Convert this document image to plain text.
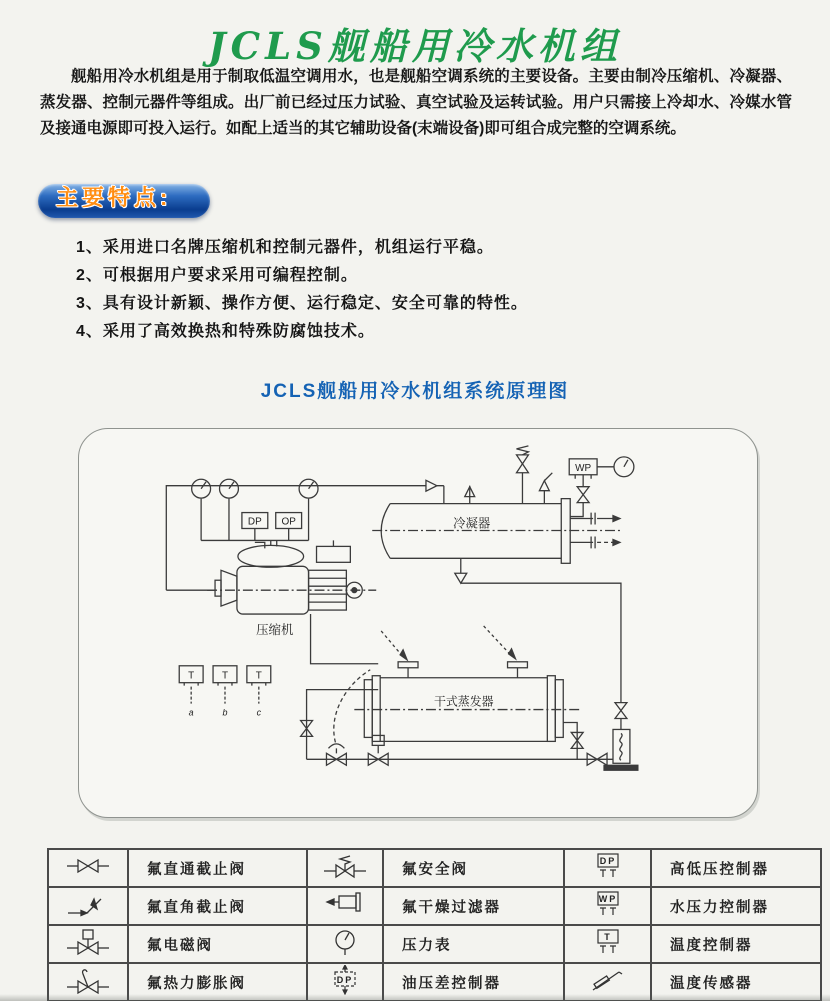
JCLS舰船用冷水机组

舰船用冷水机组是用于制取低温空调用水，也是舰船空调系统的主要设备。主要由制冷压缩机、冷凝器、蒸发器、控制元器件等组成。出厂前已经过压力试验、真空试验及运转试验。用户只需接上冷却水、冷媒水管及接通电源即可投入运行。如配上适当的其它辅助设备(末端设备)即可组合成完整的空调系统。

主要特点:
1、采用进口名牌压缩机和控制元器件，机组运行平稳。
2、可根据用户要求采用可编程控制。
3、具有设计新颖、操作方便、运行稳定、安全可靠的特性。
4、采用了高效换热和特殊防腐蚀技术。
JCLS舰船用冷水机组系统原理图
DP OP
压缩机
冷凝器
WP
干式蒸发器
T
a
T
b
T
c
	氟直通截止阀		氟安全阀	DP	高低压控制器
	氟直角截止阀		氟干燥过滤器	WP	水压力控制器
	氟电磁阀		压力表	T	温度控制器
	氟热力膨胀阀	DP	油压差控制器		温度传感器
